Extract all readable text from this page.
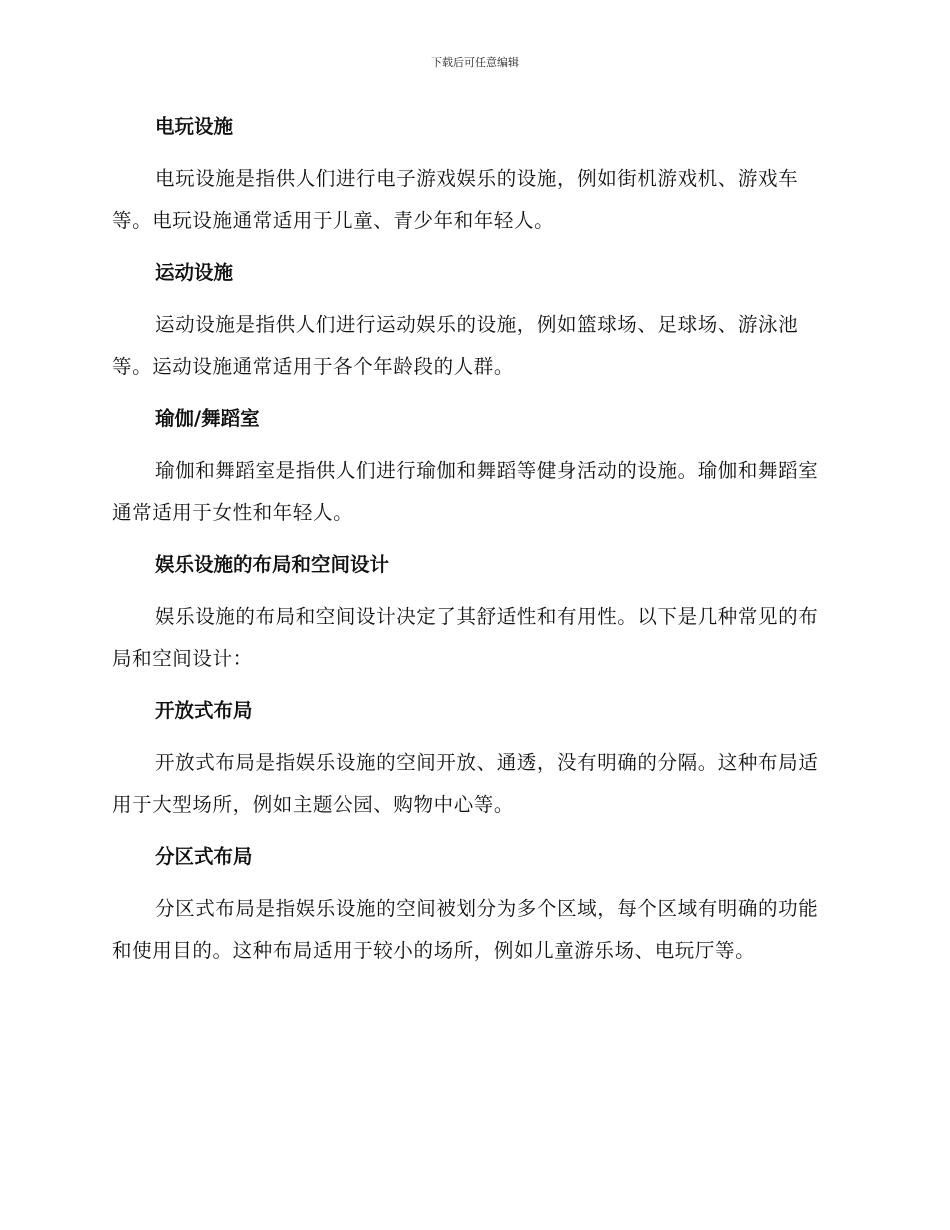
下载后可任意编辑
电玩设施

电玩设施是指供人们进行电子游戏娱乐的设施，例如街机游戏机、游戏车等。电玩设施通常适用于儿童、青少年和年轻人。

运动设施

运动设施是指供人们进行运动娱乐的设施，例如篮球场、足球场、游泳池等。运动设施通常适用于各个年龄段的人群。

瑜伽/舞蹈室

瑜伽和舞蹈室是指供人们进行瑜伽和舞蹈等健身活动的设施。瑜伽和舞蹈室通常适用于女性和年轻人。

娱乐设施的布局和空间设计

娱乐设施的布局和空间设计决定了其舒适性和有用性。以下是几种常见的布局和空间设计：

开放式布局

开放式布局是指娱乐设施的空间开放、通透，没有明确的分隔。这种布局适用于大型场所，例如主题公园、购物中心等。

分区式布局

分区式布局是指娱乐设施的空间被划分为多个区域，每个区域有明确的功能和使用目的。这种布局适用于较小的场所，例如儿童游乐场、电玩厅等。
